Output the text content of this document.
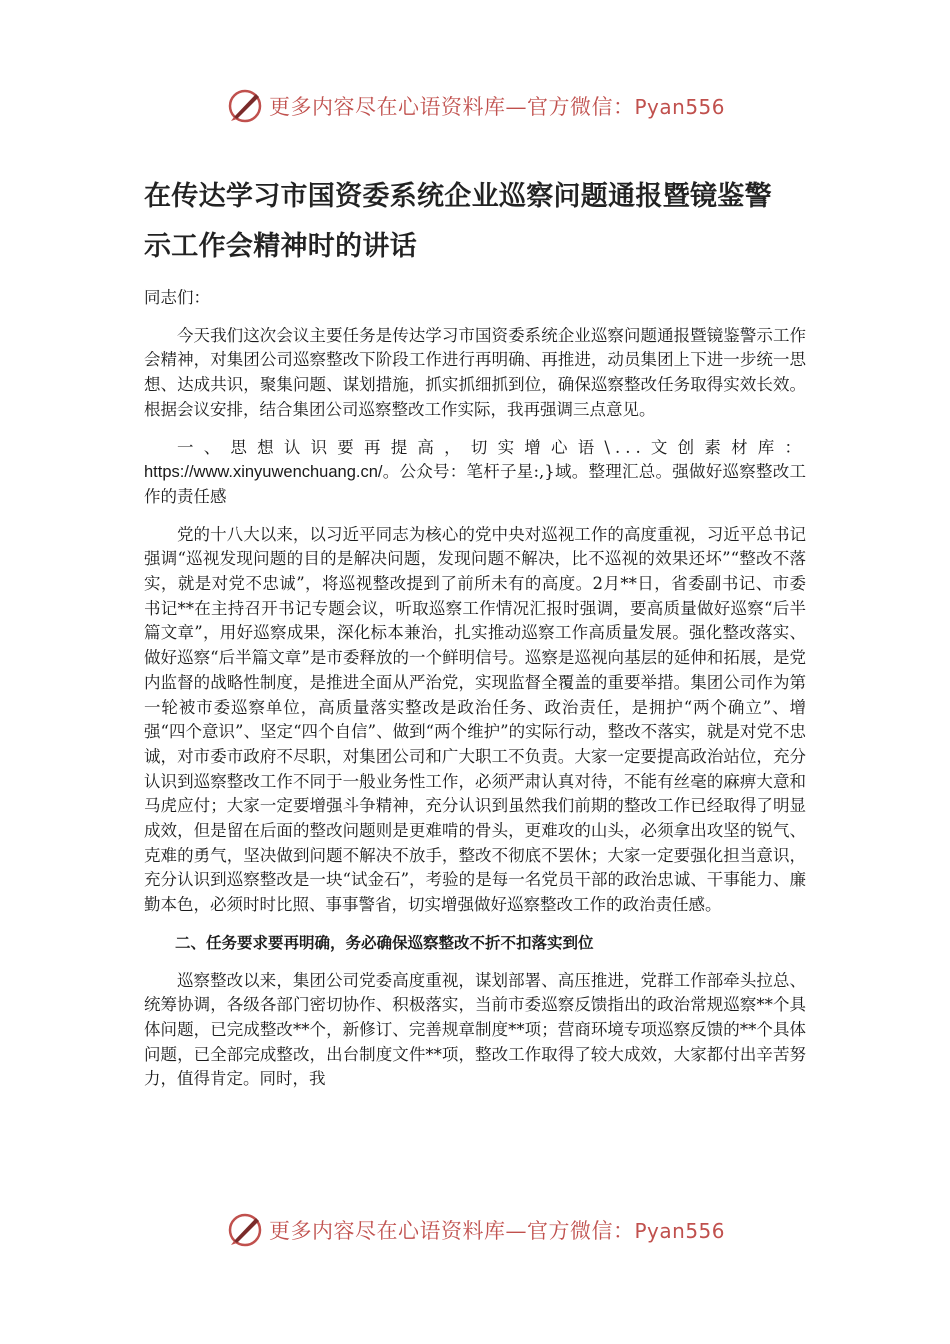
更多内容尽在心语资料库—官方微信：Pyan556
在传达学习市国资委系统企业巡察问题通报暨镜鉴警
示工作会精神时的讲话

同志们：

今天我们这次会议主要任务是传达学习市国资委系统企业巡察问题通报暨镜鉴警示工作会精神，对集团公司巡察整改下阶段工作进行再明确、再推进，动员集团上下进一步统一思想、达成共识，聚集问题、谋划措施，抓实抓细抓到位，确保巡察整改任务取得实效长效。根据会议安排，结合集团公司巡察整改工作实际，我再强调三点意见。

一、思想认识要再提高，切实增心语\...文创素材库：https://www.xinyuwenchuang.cn/。公众号：笔杆子星:,}域。整理汇总。强做好巡察整改工作的责任感

党的十八大以来，以习近平同志为核心的党中央对巡视工作的高度重视，习近平总书记强调“巡视发现问题的目的是解决问题，发现问题不解决，比不巡视的效果还坏”“整改不落实，就是对党不忠诚”，将巡视整改提到了前所未有的高度。2月**日，省委副书记、市委书记**在主持召开书记专题会议，听取巡察工作情况汇报时强调，要高质量做好巡察“后半篇文章”，用好巡察成果，深化标本兼治，扎实推动巡察工作高质量发展。强化整改落实、做好巡察“后半篇文章”是市委释放的一个鲜明信号。巡察是巡视向基层的延伸和拓展，是党内监督的战略性制度，是推进全面从严治党，实现监督全覆盖的重要举措。集团公司作为第一轮被市委巡察单位，高质量落实整改是政治任务、政治责任，是拥护“两个确立”、增强“四个意识”、坚定“四个自信”、做到“两个维护”的实际行动，整改不落实，就是对党不忠诚，对市委市政府不尽职，对集团公司和广大职工不负责。大家一定要提高政治站位，充分认识到巡察整改工作不同于一般业务性工作，必须严肃认真对待，不能有丝毫的麻痹大意和马虎应付；大家一定要增强斗争精神，充分认识到虽然我们前期的整改工作已经取得了明显成效，但是留在后面的整改问题则是更难啃的骨头，更难攻的山头，必须拿出攻坚的锐气、克难的勇气，坚决做到问题不解决不放手，整改不彻底不罢休；大家一定要强化担当意识，充分认识到巡察整改是一块“试金石”，考验的是每一名党员干部的政治忠诚、干事能力、廉勤本色，必须时时比照、事事警省，切实增强做好巡察整改工作的政治责任感。

二、任务要求要再明确，务必确保巡察整改不折不扣落实到位

巡察整改以来，集团公司党委高度重视，谋划部署、高压推进，党群工作部牵头拉总、统筹协调，各级各部门密切协作、积极落实，当前市委巡察反馈指出的政治常规巡察**个具体问题，已完成整改**个，新修订、完善规章制度**项；营商环境专项巡察反馈的**个具体问题，已全部完成整改，出台制度文件**项，整改工作取得了较大成效，大家都付出辛苦努力，值得肯定。同时，我

更多内容尽在心语资料库—官方微信：Pyan556
